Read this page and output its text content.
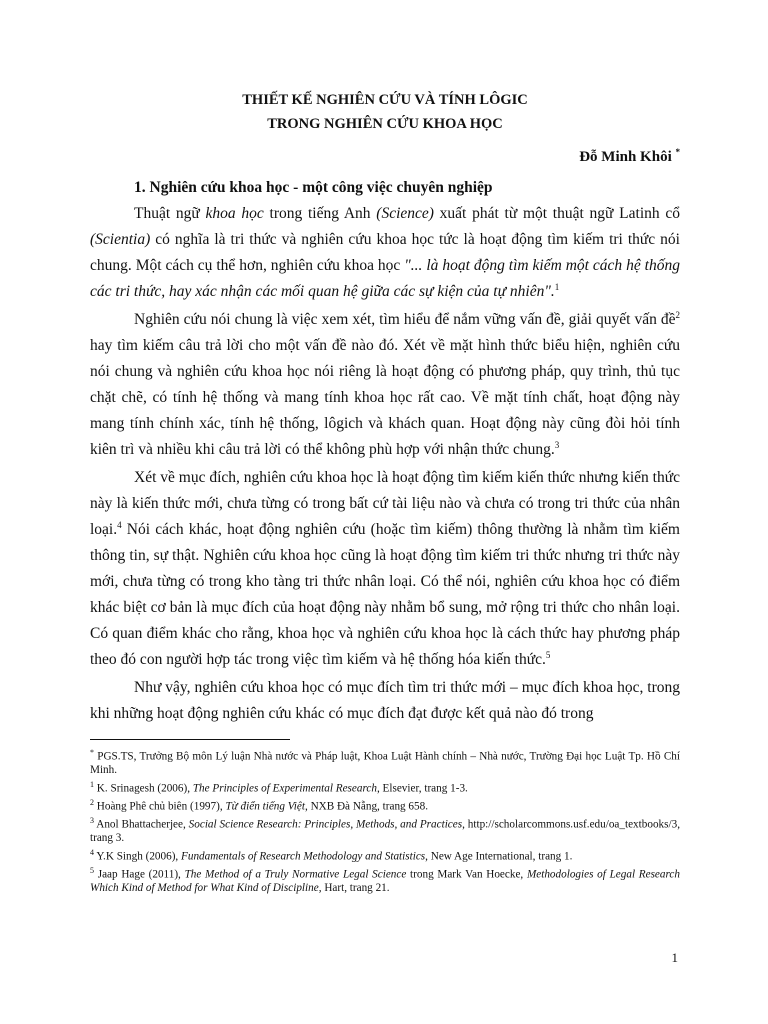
THIẾT KẾ NGHIÊN CỨU VÀ TÍNH LÔGIC

TRONG NGHIÊN CỨU KHOA HỌC

Đỗ Minh Khôi *
1. Nghiên cứu khoa học - một công việc chuyên nghiệp

Thuật ngữ khoa học trong tiếng Anh (Science) xuất phát từ một thuật ngữ Latinh cổ (Scientia) có nghĩa là tri thức và nghiên cứu khoa học tức là hoạt động tìm kiếm tri thức nói chung. Một cách cụ thể hơn, nghiên cứu khoa học "... là hoạt động tìm kiếm một cách hệ thống các tri thức, hay xác nhận các mối quan hệ giữa các sự kiện của tự nhiên".$^1$

Nghiên cứu nói chung là việc xem xét, tìm hiểu để nắm vững vấn đề, giải quyết vấn đề$^2$ hay tìm kiếm câu trả lời cho một vấn đề nào đó. Xét về mặt hình thức biểu hiện, nghiên cứu nói chung và nghiên cứu khoa học nói riêng là hoạt động có phương pháp, quy trình, thủ tục chặt chẽ, có tính hệ thống và mang tính khoa học rất cao. Về mặt tính chất, hoạt động này mang tính chính xác, tính hệ thống, lôgich và khách quan. Hoạt động này cũng đòi hỏi tính kiên trì và nhiều khi câu trả lời có thể không phù hợp với nhận thức chung.$^3$

Xét về mục đích, nghiên cứu khoa học là hoạt động tìm kiếm kiến thức nhưng kiến thức này là kiến thức mới, chưa từng có trong bất cứ tài liệu nào và chưa có trong tri thức của nhân loại.$^4$ Nói cách khác, hoạt động nghiên cứu (hoặc tìm kiếm) thông thường là nhằm tìm kiếm thông tin, sự thật. Nghiên cứu khoa học cũng là hoạt động tìm kiếm tri thức nhưng tri thức này mới, chưa từng có trong kho tàng tri thức nhân loại. Có thể nói, nghiên cứu khoa học có điểm khác biệt cơ bản là mục đích của hoạt động này nhằm bổ sung, mở rộng tri thức cho nhân loại. Có quan điểm khác cho rằng, khoa học và nghiên cứu khoa học là cách thức hay phương pháp theo đó con người hợp tác trong việc tìm kiếm và hệ thống hóa kiến thức.$^5$

Như vậy, nghiên cứu khoa học có mục đích tìm tri thức mới – mục đích khoa học, trong khi những hoạt động nghiên cứu khác có mục đích đạt được kết quả nào đó trong

* PGS.TS, Trưởng Bộ môn Lý luận Nhà nước và Pháp luật, Khoa Luật Hành chính – Nhà nước, Trường Đại học Luật Tp. Hồ Chí Minh.

$^1$ K. Srinagesh (2006), The Principles of Experimental Research, Elsevier, trang 1-3.

$^2$ Hoàng Phê chủ biên (1997), Từ điển tiếng Việt, NXB Đà Nẵng, trang 658.

$^3$ Anol Bhattacherjee, Social Science Research: Principles, Methods, and Practices, http://scholarcommons.usf.edu/oa_textbooks/3, trang 3.

$^4$ Y.K Singh (2006), Fundamentals of Research Methodology and Statistics, New Age International, trang 1.

$^5$ Jaap Hage (2011), The Method of a Truly Normative Legal Science trong Mark Van Hoecke, Methodologies of Legal Research Which Kind of Method for What Kind of Discipline, Hart, trang 21.

1
